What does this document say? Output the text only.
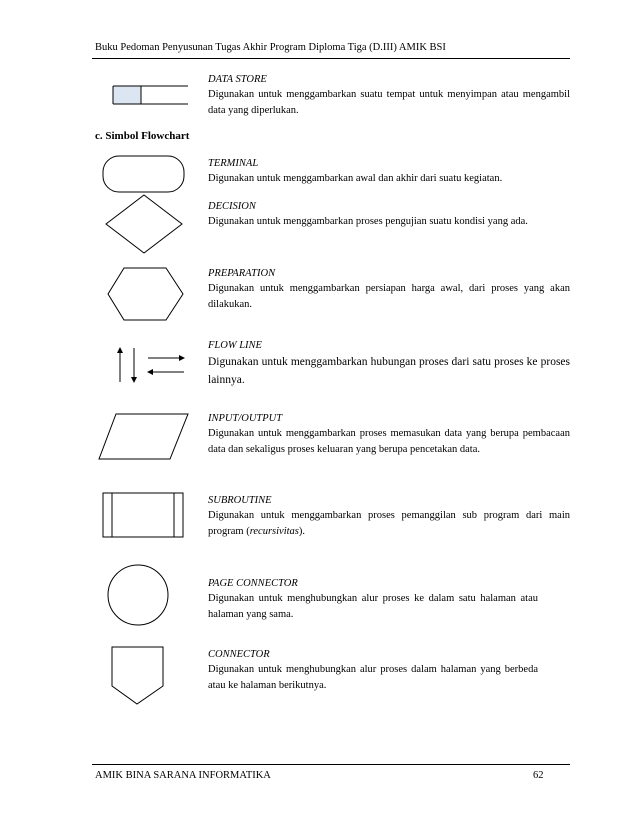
Buku Pedoman Penyusunan Tugas Akhir Program Diploma Tiga (D.III) AMIK BSI
DATA STORE
Digunakan untuk menggambarkan suatu tempat untuk menyimpan atau mengambil data yang diperlukan.
c. Simbol Flowchart
TERMINAL
Digunakan untuk menggambarkan awal dan akhir dari suatu kegiatan.
DECISION
Digunakan untuk menggambarkan proses pengujian suatu kondisi yang ada.
PREPARATION
Digunakan untuk menggambarkan persiapan harga awal, dari proses yang akan dilakukan.
FLOW LINE
Digunakan untuk menggambarkan hubungan proses dari satu proses ke proses lainnya.
INPUT/OUTPUT
Digunakan untuk menggambarkan proses memasukan data yang berupa pembacaan data dan sekaligus proses keluaran yang berupa pencetakan data.
SUBROUTINE
Digunakan untuk menggambarkan proses pemanggilan sub program dari main program (recursivitas).
PAGE CONNECTOR
Digunakan untuk menghubungkan alur proses ke dalam satu halaman atau halaman yang sama.
CONNECTOR
Digunakan untuk menghubungkan alur proses dalam halaman yang berbeda atau ke halaman berikutnya.
AMIK BINA SARANA INFORMATIKA	62
